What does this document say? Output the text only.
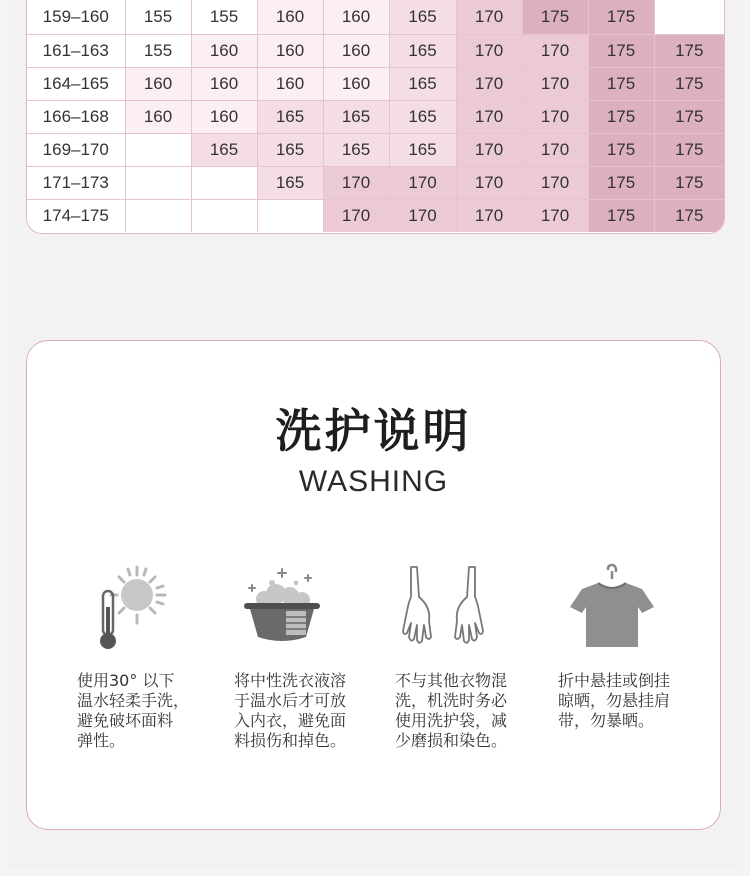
159–160	155	155	160	160	165	170	175	175	
161–163	155	160	160	160	165	170	170	175	175
164–165	160	160	160	160	165	170	170	175	175
166–168	160	160	165	165	165	170	170	175	175
169–170		165	165	165	165	170	170	175	175
171–173			165	170	170	170	170	175	175
174–175				170	170	170	170	175	175
洗护说明
WASHING
使用30° 以下
温水轻柔手洗，
避免破坏面料
弹性。
将中性洗衣液溶
于温水后才可放
入内衣，避免面
料损伤和掉色。
不与其他衣物混
洗，机洗时务必
使用洗护袋，减
少磨损和染色。
折中悬挂或倒挂
晾晒，勿悬挂肩
带，勿暴晒。
